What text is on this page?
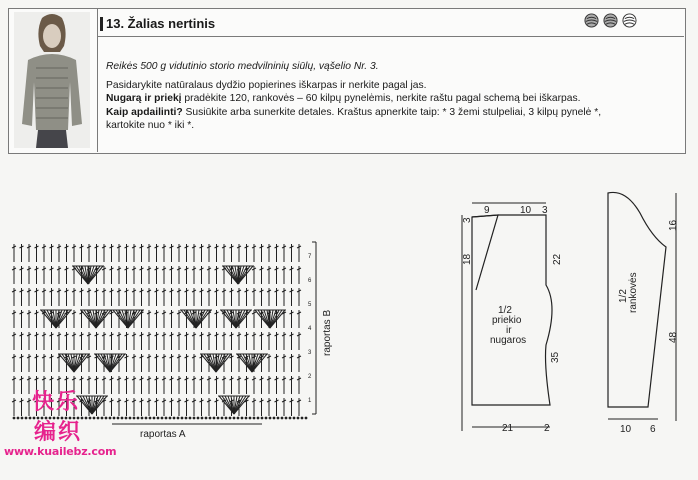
13. Žalias nertinis

Reikės 500 g vidutinio storio medvilninių siūlų, vąšelio Nr. 3.

Pasidarykite natūralaus dydžio popierines iškarpas ir nerkite pagal jas.

Nugarą ir priekį pradėkite 120, rankovės – 60 kilpų pynelėmis, nerkite raštu pagal schemą bei iškarpas.

Kaip apdailinti? Susiūkite arba sunerkite detales. Kraštus apnerkite taip: * 3 žemi stulpeliai, 3 kilpų pynelė *,

kartokite nuo * iki *.

raportas B
raportas A
7
6
5
4
3
2
1
9	10 3
3
18	22
35
1/2
priekio
ir
nugaros
21	2
16
48
1/2 rankovės
10 6
快乐
编织
www.kuailebz.com
